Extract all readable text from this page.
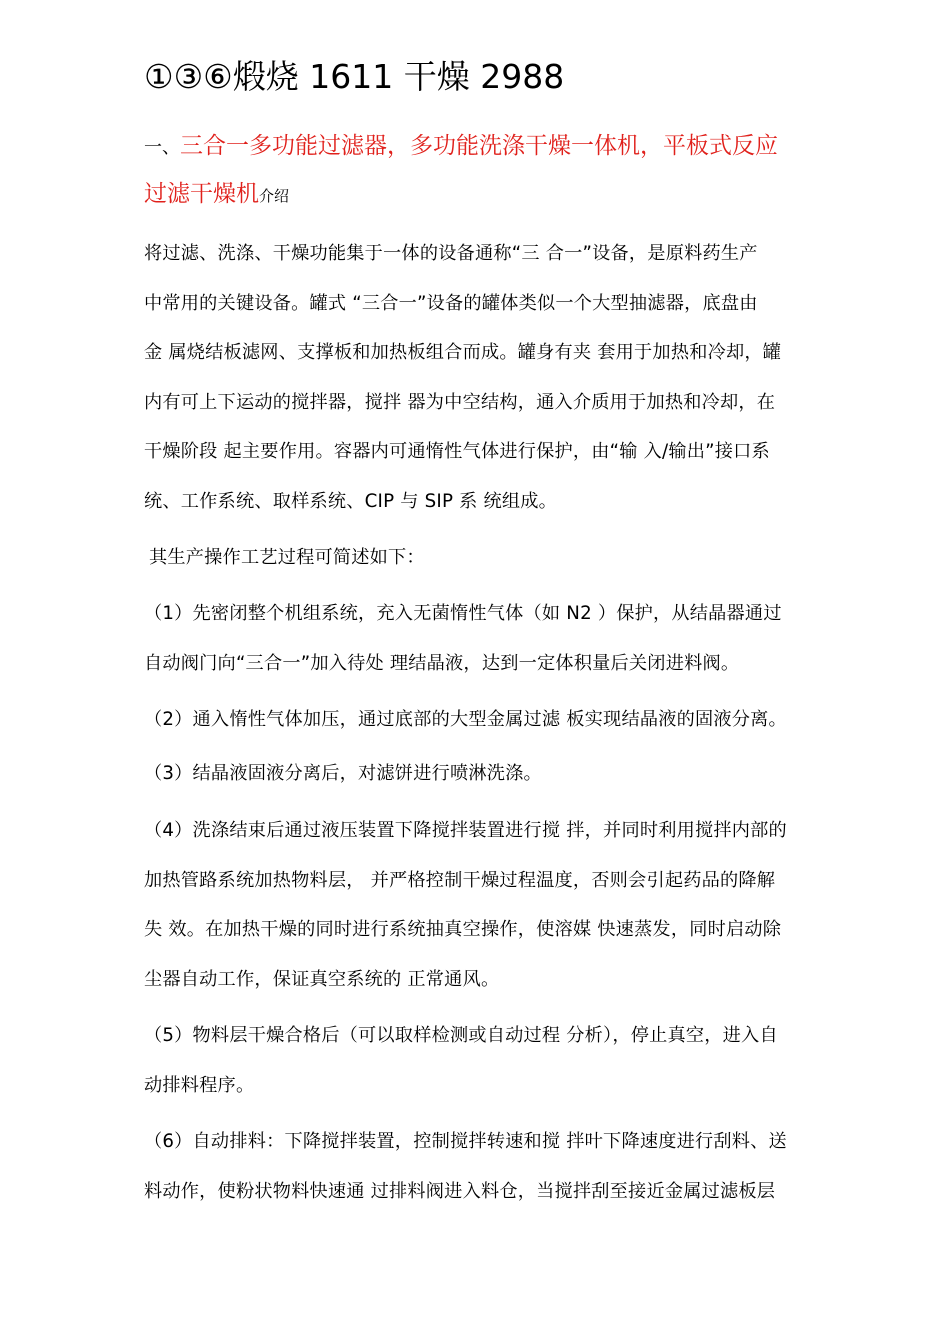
①③⑥煅烧 1611 干燥 2988
一、三合一多功能过滤器，多功能洗涤干燥一体机，平板式反应
过滤干燥机介绍
将过滤、洗涤、干燥功能集于一体的设备通称“三 合一”设备，是原料药生产
中常用的关键设备。罐式 “三合一”设备的罐体类似一个大型抽滤器，底盘由
金 属烧结板滤网、支撑板和加热板组合而成。罐身有夹 套用于加热和冷却，罐
内有可上下运动的搅拌器，搅拌 器为中空结构，通入介质用于加热和冷却，在
干燥阶段 起主要作用。容器内可通惰性气体进行保护，由“输 入/输出”接口系
统、工作系统、取样系统、CIP 与 SIP 系 统组成。
其生产操作工艺过程可简述如下：
（1）先密闭整个机组系统，充入无菌惰性气体（如 N2 ）保护，从结晶器通过
自动阀门向“三合一”加入待处 理结晶液，达到一定体积量后关闭进料阀。
（2）通入惰性气体加压，通过底部的大型金属过滤 板实现结晶液的固液分离。
（3）结晶液固液分离后，对滤饼进行喷淋洗涤。
（4）洗涤结束后通过液压装置下降搅拌装置进行搅 拌，并同时利用搅拌内部的
加热管路系统加热物料层， 并严格控制干燥过程温度，否则会引起药品的降解
失 效。在加热干燥的同时进行系统抽真空操作，使溶媒 快速蒸发，同时启动除
尘器自动工作，保证真空系统的 正常通风。
（5）物料层干燥合格后（可以取样检测或自动过程 分析），停止真空，进入自
动排料程序。
（6）自动排料：下降搅拌装置，控制搅拌转速和搅 拌叶下降速度进行刮料、送
料动作，使粉状物料快速通 过排料阀进入料仓，当搅拌刮至接近金属过滤板层
